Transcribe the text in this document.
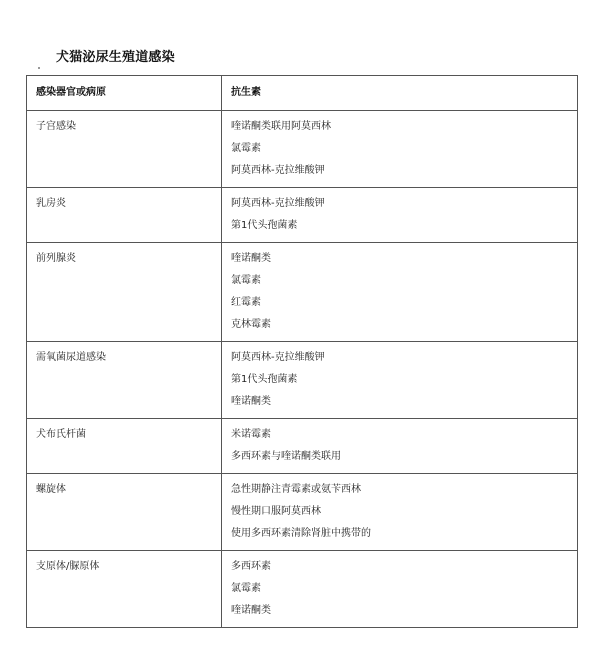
犬猫泌尿生殖道感染
感染器官或病原	抗生素
子宫感染	喹诺酮类联用阿莫西林
氯霉素
阿莫西林-克拉维酸钾

乳房炎	阿莫西林-克拉维酸钾
第1代头孢菌素

前列腺炎	喹诺酮类
氯霉素
红霉素
克林霉素

需氧菌尿道感染	阿莫西林-克拉维酸钾
第1代头孢菌素
喹诺酮类

犬布氏杆菌	米诺霉素
多西环素与喹诺酮类联用

螺旋体	急性期静注青霉素或氨苄西林
慢性期口服阿莫西林
使用多西环素清除肾脏中携带的

支原体/脲原体	多西环素
氯霉素
喹诺酮类
